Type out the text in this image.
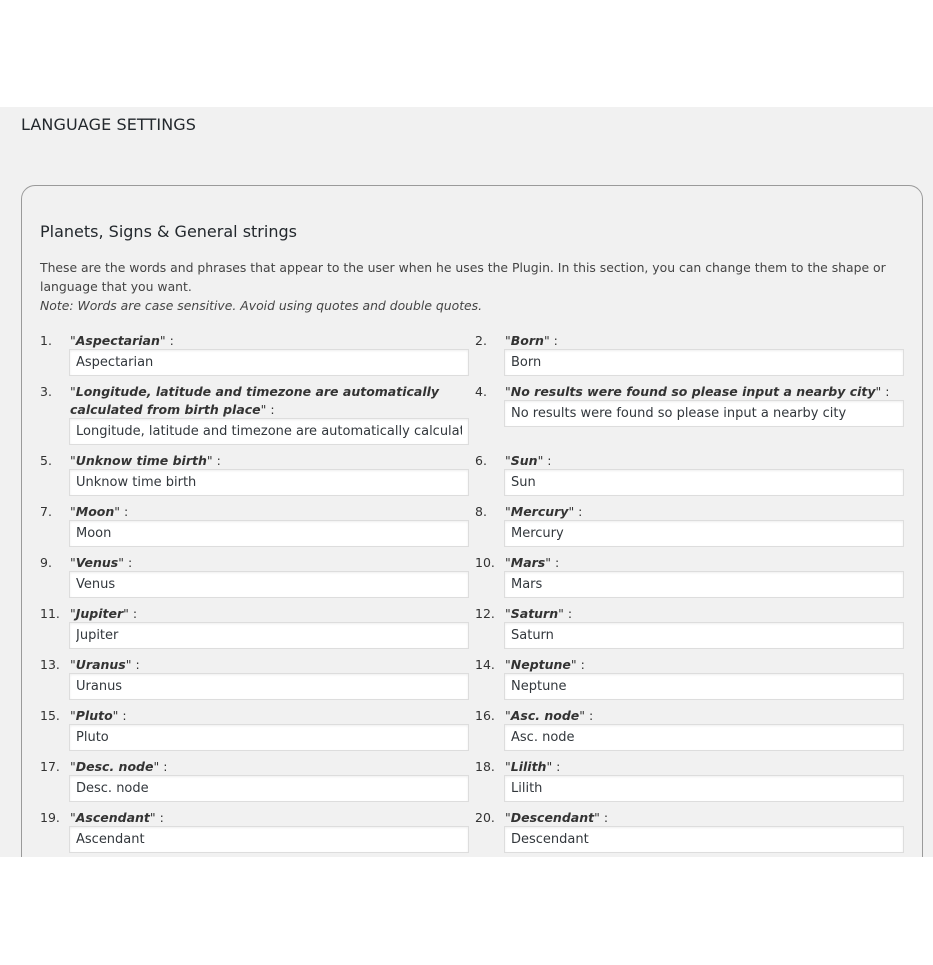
LANGUAGE SETTINGS
Planets, Signs & General strings

These are the words and phrases that appear to the user when he uses the Plugin. In this section, you can change them to the shape or language that you want.

Note: Words are case sensitive. Avoid using quotes and double quotes.

1. "Aspectarian" :
Aspectarian	2. "Born" :
Born
3. "Longitude, latitude and timezone are automatically calculated from birth place" :
Longitude, latitude and timezone are automatically calculated from birth place
4. "No results were found so please input a nearby city" :
No results were found so please input a nearby city
5. "Unknow time birth" :
Unknow time birth	6. "Sun" :
Sun
7. "Moon" :
Moon	8. "Mercury" :
Mercury
9. "Venus" :
Venus	10. "Mars" :
Mars
11. "Jupiter" :
Jupiter	12. "Saturn" :
Saturn
13. "Uranus" :
Uranus	14. "Neptune" :
Neptune
15. "Pluto" :
Pluto	16. "Asc. node" :
Asc. node
17. "Desc. node" :
Desc. node	18. "Lilith" :
Lilith
19. "Ascendant" :
Ascendant	20. "Descendant" :
Descendant
